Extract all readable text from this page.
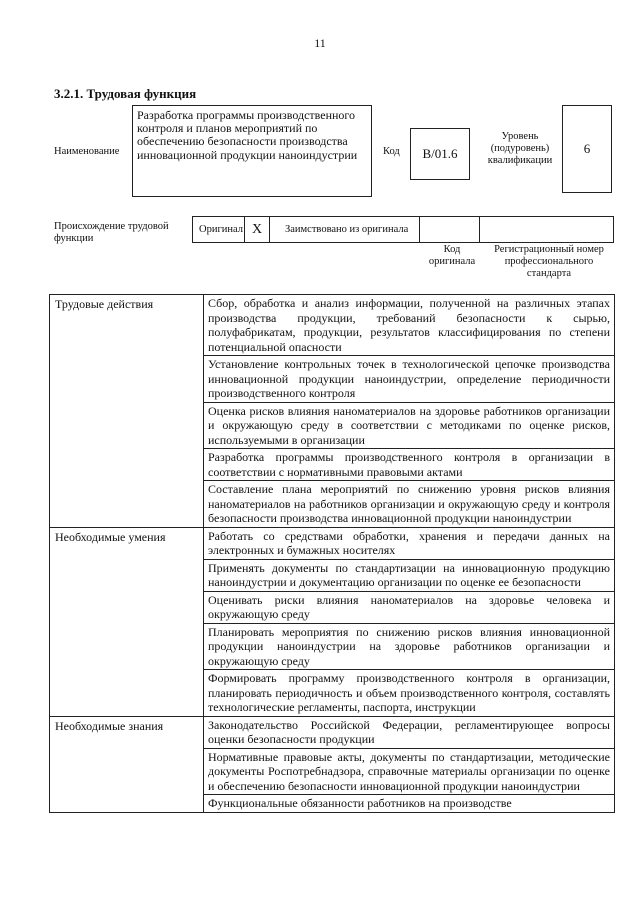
11
3.2.1. Трудовая функция
Наименование
Разработка программы производственного контроля и планов мероприятий по обеспечению безопасности производства инновационной продукции наноиндустрии	Код	B/01.6
Уровень (подуровень) квалификации
6
Происхождение трудовой функции
Оригинал X	Заимствовано из оригинала
Код оригинала
Регистрационный номер профессионального стандарта
Трудовые действия	Сбор, обработка и анализ информации, полученной на различных этапах производства продукции, требований безопасности к сырью, полуфабрикатам, продукции, результатов классифицирования по степени потенциальной опасности
	Установление контрольных точек в технологической цепочке производства инновационной продукции наноиндустрии, определение периодичности производственного контроля
	Оценка рисков влияния наноматериалов на здоровье работников организации и окружающую среду в соответствии с методиками по оценке рисков, используемыми в организации
	Разработка программы производственного контроля в организации в соответствии с нормативными правовыми актами
	Составление плана мероприятий по снижению уровня рисков влияния наноматериалов на работников организации и окружающую среду и контроля безопасности производства инновационной продукции наноиндустрии
Необходимые умения	Работать со средствами обработки, хранения и передачи данных на электронных и бумажных носителях
	Применять документы по стандартизации на инновационную продукцию наноиндустрии и документацию организации по оценке ее безопасности
	Оценивать риски влияния наноматериалов на здоровье человека и окружающую среду
	Планировать мероприятия по снижению рисков влияния инновационной продукции наноиндустрии на здоровье работников организации и окружающую среду
	Формировать программу производственного контроля в организации, планировать периодичность и объем производственного контроля, составлять технологические регламенты, паспорта, инструкции
Необходимые знания	Законодательство Российской Федерации, регламентирующее вопросы оценки безопасности продукции
	Нормативные правовые акты, документы по стандартизации, методические документы Роспотребнадзора, справочные материалы организации по оценке и обеспечению безопасности инновационной продукции наноиндустрии
	Функциональные обязанности работников на производстве
